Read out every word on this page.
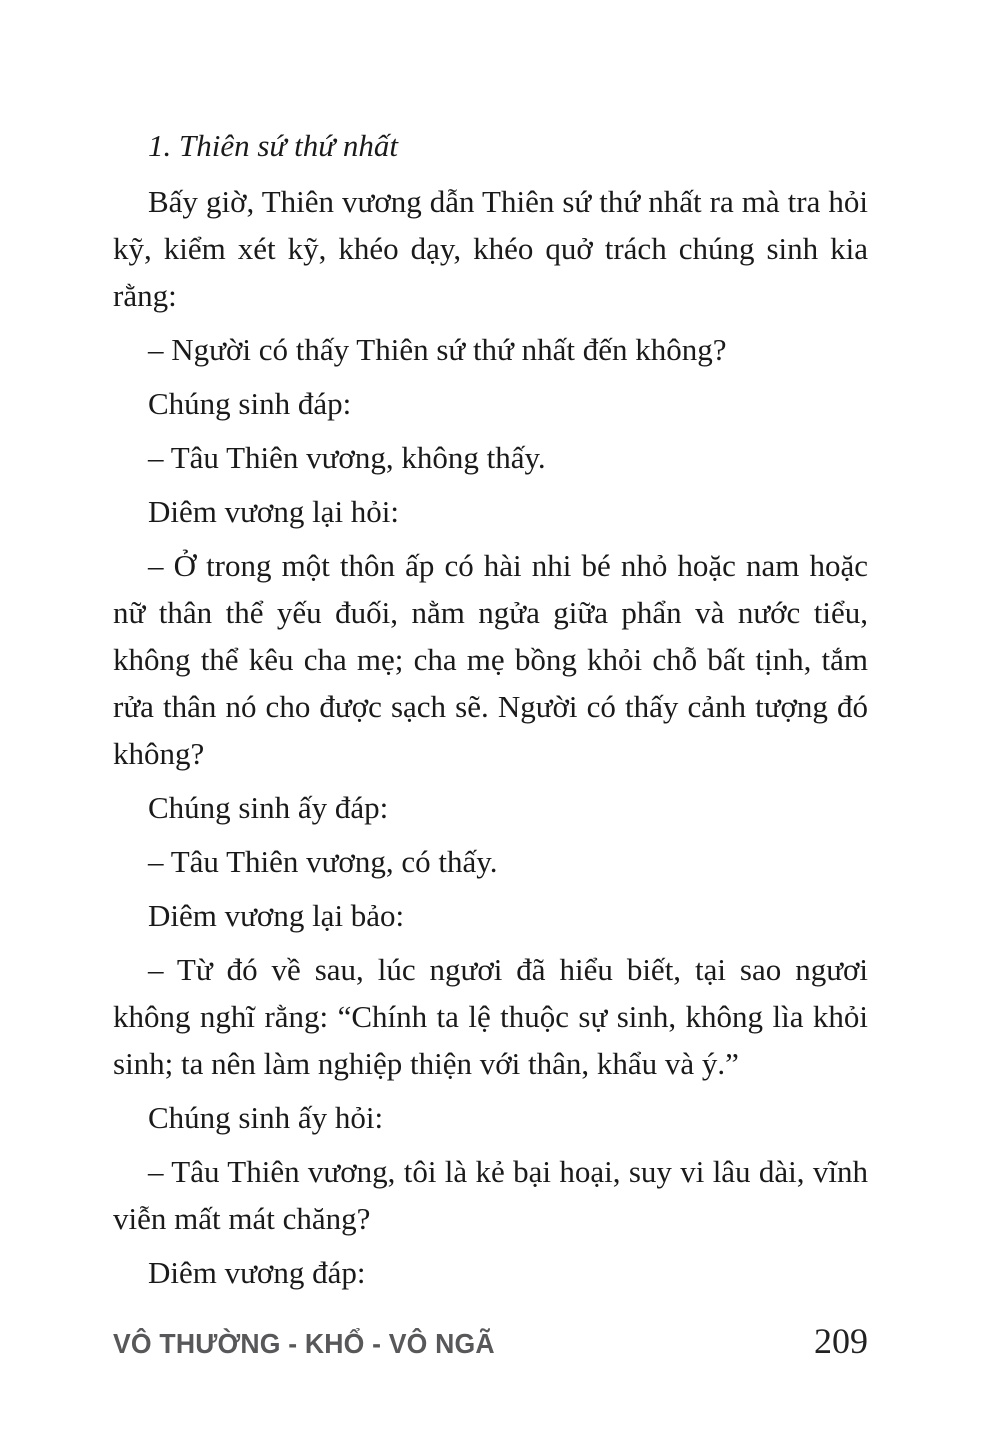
1. Thiên sứ thứ nhất

Bấy giờ, Thiên vương dẫn Thiên sứ thứ nhất ra mà tra hỏi kỹ, kiểm xét kỹ, khéo dạy, khéo quở trách chúng sinh kia rằng:

– Người có thấy Thiên sứ thứ nhất đến không?

Chúng sinh đáp:

– Tâu Thiên vương, không thấy.

Diêm vương lại hỏi:

– Ở trong một thôn ấp có hài nhi bé nhỏ hoặc nam hoặc nữ thân thể yếu đuối, nằm ngửa giữa phẩn và nước tiểu, không thể kêu cha mẹ; cha mẹ bồng khỏi chỗ bất tịnh, tắm rửa thân nó cho được sạch sẽ. Người có thấy cảnh tượng đó không?

Chúng sinh ấy đáp:

– Tâu Thiên vương, có thấy.

Diêm vương lại bảo:

– Từ đó về sau, lúc ngươi đã hiểu biết, tại sao ngươi không nghĩ rằng: “Chính ta lệ thuộc sự sinh, không lìa khỏi sinh; ta nên làm nghiệp thiện với thân, khẩu và ý.”

Chúng sinh ấy hỏi:

– Tâu Thiên vương, tôi là kẻ bại hoại, suy vi lâu dài, vĩnh viễn mất mát chăng?

Diêm vương đáp:

VÔ THƯỜNG - KHỔ - VÔ NGÃ	209
